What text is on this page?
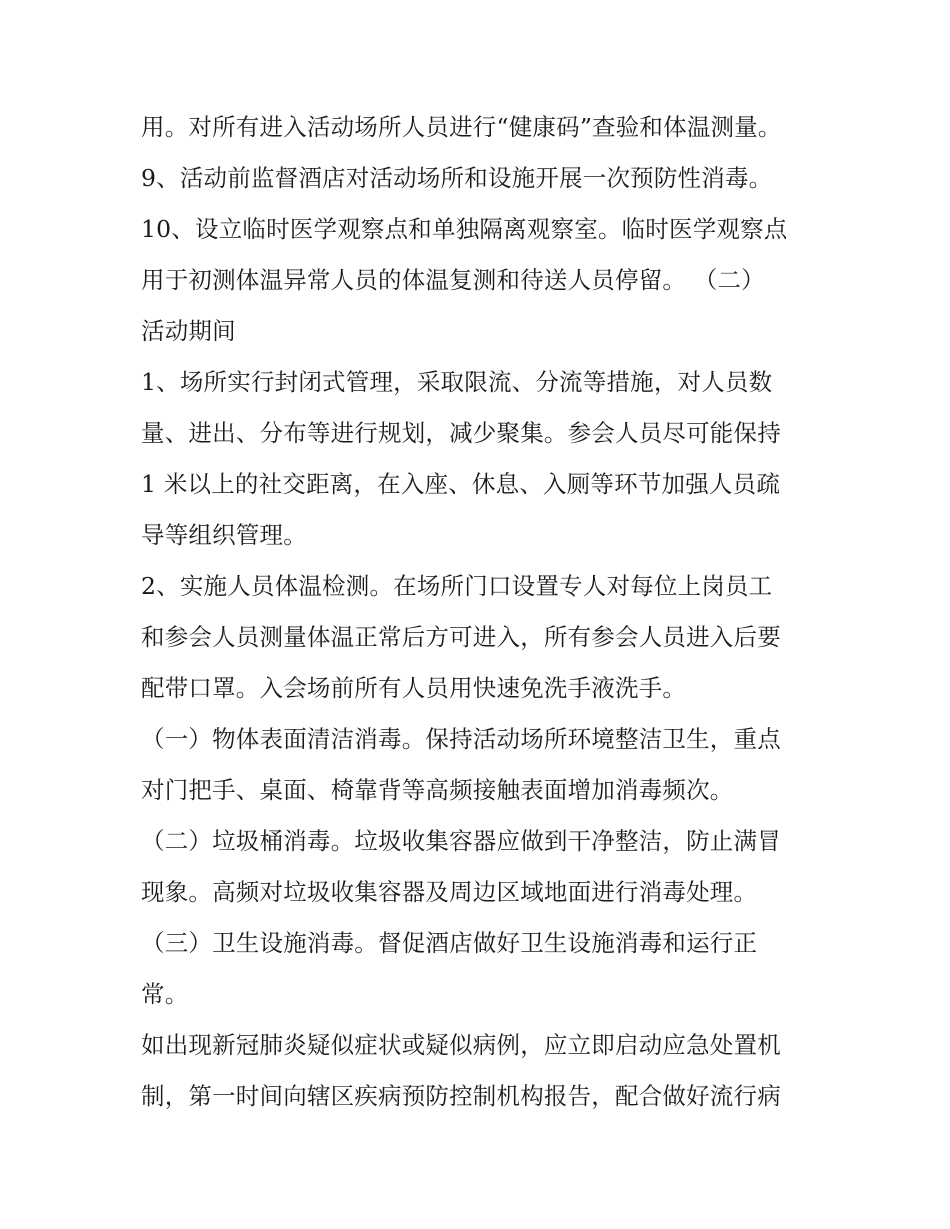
用。对所有进入活动场所人员进行“健康码”查验和体温测量。
9、活动前监督酒店对活动场所和设施开展一次预防性消毒。
10、设立临时医学观察点和单独隔离观察室。临时医学观察点
用于初测体温异常人员的体温复测和待送人员停留。 （二）
活动期间
1、场所实行封闭式管理，采取限流、分流等措施，对人员数
量、进出、分布等进行规划，减少聚集。参会人员尽可能保持
1 米以上的社交距离，在入座、休息、入厕等环节加强人员疏
导等组织管理。
2、实施人员体温检测。在场所门口设置专人对每位上岗员工
和参会人员测量体温正常后方可进入，所有参会人员进入后要
配带口罩。入会场前所有人员用快速免洗手液洗手。
（一）物体表面清洁消毒。保持活动场所环境整洁卫生，重点
对门把手、桌面、椅靠背等高频接触表面增加消毒频次。
（二）垃圾桶消毒。垃圾收集容器应做到干净整洁，防止满冒
现象。高频对垃圾收集容器及周边区域地面进行消毒处理。
（三）卫生设施消毒。督促酒店做好卫生设施消毒和运行正
常。
如出现新冠肺炎疑似症状或疑似病例，应立即启动应急处置机
制，第一时间向辖区疾病预防控制机构报告，配合做好流行病
